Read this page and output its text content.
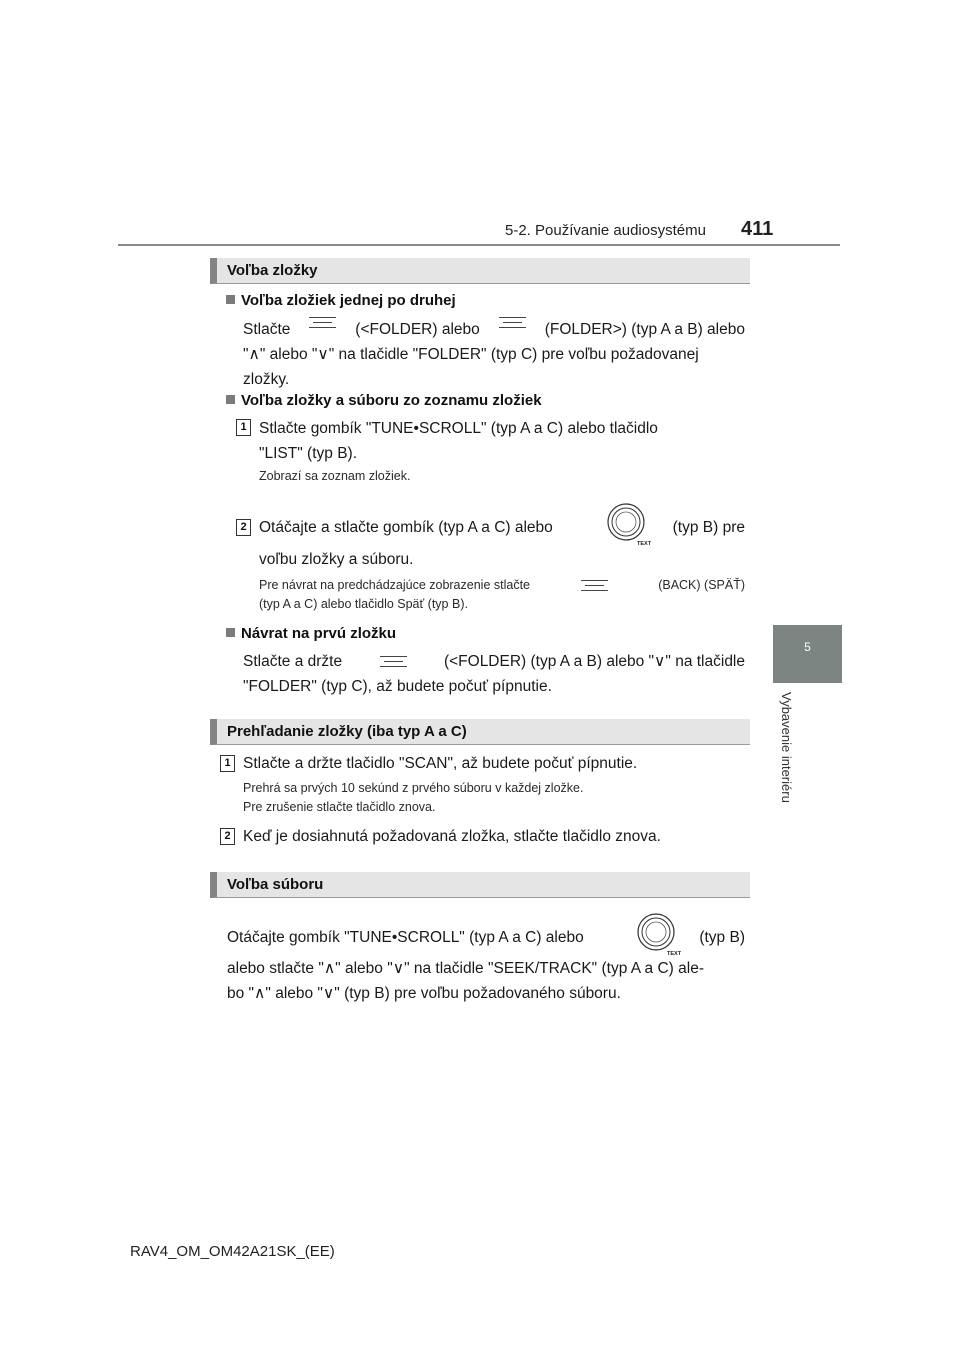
5-2. Používanie audiosystému 411
5
Vybavenie interiéru
Voľba zložky
Voľba zložiek jednej po druhej
Stlačte	(<FOLDER) alebo	(FOLDER>) (typ A a B) alebo
"∧" alebo "∨" na tlačidle "FOLDER" (typ C) pre voľbu požadovanej
zložky.
Voľba zložky a súboru zo zoznamu zložiek
1 Stlačte gombík "TUNE•SCROLL" (typ A a C) alebo tlačidlo
"LIST" (typ B).
Zobrazí sa zoznam zložiek.
2 Otáčajte a stlačte gombík (typ A a C) alebo	(typ B) pre
TEXT
voľbu zložky a súboru.
Pre návrat na predchádzajúce zobrazenie stlačte	(BACK) (SPÄŤ)
(typ A a C) alebo tlačidlo Späť (typ B).
Návrat na prvú zložku
Stlačte a držte	(<FOLDER) (typ A a B) alebo "∨" na tlačidle
"FOLDER" (typ C), až budete počuť pípnutie.
Prehľadanie zložky (iba typ A a C)
1 Stlačte a držte tlačidlo "SCAN", až budete počuť pípnutie.
Prehrá sa prvých 10 sekúnd z prvého súboru v každej zložke.
Pre zrušenie stlačte tlačidlo znova.
2 Keď je dosiahnutá požadovaná zložka, stlačte tlačidlo znova.
Voľba súboru
Otáčajte gombík "TUNE•SCROLL" (typ A a C) alebo	(typ B)
TEXT
alebo stlačte "∧" alebo "∨" na tlačidle "SEEK/TRACK" (typ A a C) ale-
bo "∧" alebo "∨" (typ B) pre voľbu požadovaného súboru.
RAV4_OM_OM42A21SK_(EE)
